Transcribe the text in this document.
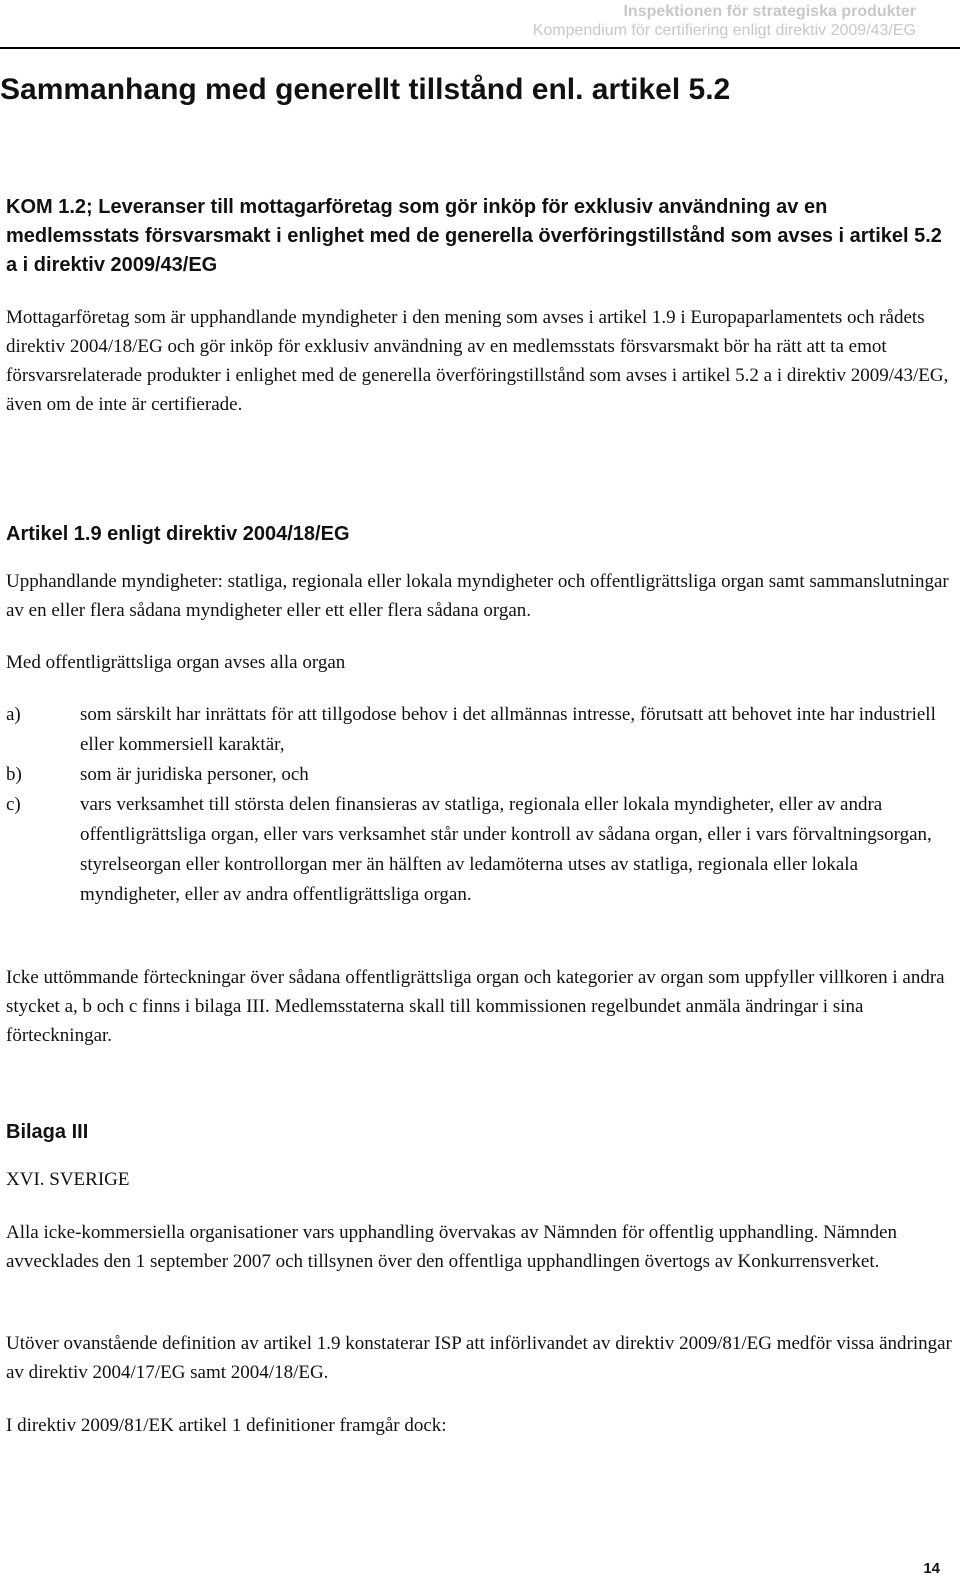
Inspektionen för strategiska produkter
Kompendium för certifiering enligt direktiv 2009/43/EG
Sammanhang med generellt tillstånd enl. artikel 5.2
KOM 1.2; Leveranser till mottagarföretag som gör inköp för exklusiv användning av en medlemsstats försvarsmakt i enlighet med de generella överföringstillstånd som avses i artikel 5.2 a i direktiv 2009/43/EG

Mottagarföretag som är upphandlande myndigheter i den mening som avses i artikel 1.9 i Europaparlamentets och rådets direktiv 2004/18/EG och gör inköp för exklusiv användning av en medlemsstats försvarsmakt bör ha rätt att ta emot försvarsrelaterade produkter i enlighet med de generella överföringstillstånd som avses i artikel 5.2 a i direktiv 2009/43/EG, även om de inte är certifierade.

Artikel 1.9 enligt direktiv 2004/18/EG

Upphandlande myndigheter: statliga, regionala eller lokala myndigheter och offentligrättsliga organ samt sammanslutningar av en eller flera sådana myndigheter eller ett eller flera sådana organ.

Med offentligrättsliga organ avses alla organ

a)	som särskilt har inrättats för att tillgodose behov i det allmännas intresse, förutsatt att behovet inte har industriell eller kommersiell karaktär,
b)	som är juridiska personer, och
c)	vars verksamhet till största delen finansieras av statliga, regionala eller lokala myndigheter, eller av andra offentligrättsliga organ, eller vars verksamhet står under kontroll av sådana organ, eller i vars förvaltningsorgan, styrelseorgan eller kontrollorgan mer än hälften av ledamöterna utses av statliga, regionala eller lokala myndigheter, eller av andra offentligrättsliga organ.

Icke uttömmande förteckningar över sådana offentligrättsliga organ och kategorier av organ som uppfyller villkoren i andra stycket a, b och c finns i bilaga III. Medlemsstaterna skall till kommissionen regelbundet anmäla ändringar i sina förteckningar.

Bilaga III

XVI. SVERIGE

Alla icke-kommersiella organisationer vars upphandling övervakas av Nämnden för offentlig upphandling. Nämnden avvecklades den 1 september 2007 och tillsynen över den offentliga upphandlingen övertogs av Konkurrensverket.

Utöver ovanstående definition av artikel 1.9 konstaterar ISP att införlivandet av direktiv 2009/81/EG medför vissa ändringar av direktiv 2004/17/EG samt 2004/18/EG.

I direktiv 2009/81/EK artikel 1 definitioner framgår dock:

14
